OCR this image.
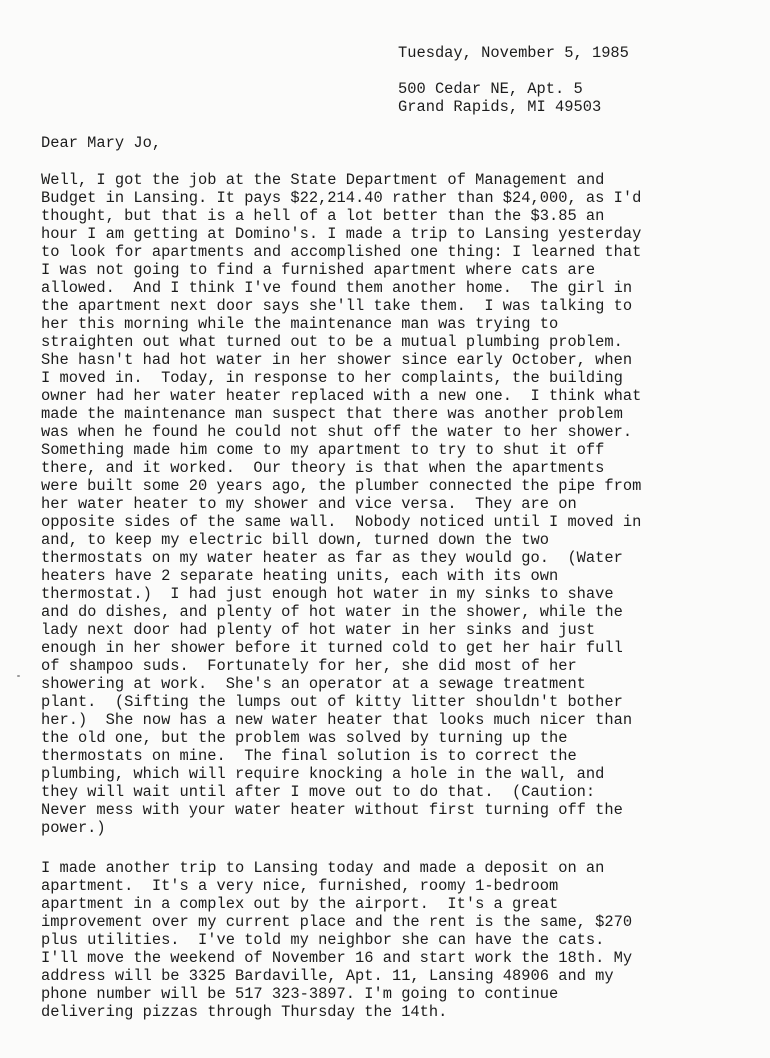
Tuesday, November 5, 1985
500 Cedar NE, Apt. 5
Grand Rapids, MI 49503
Dear Mary Jo,
Well, I got the job at the State Department of Management and
Budget in Lansing. It pays $22,214.40 rather than $24,000, as I'd
thought, but that is a hell of a lot better than the $3.85 an
hour I am getting at Domino's. I made a trip to Lansing yesterday
to look for apartments and accomplished one thing: I learned that
I was not going to find a furnished apartment where cats are
allowed.  And I think I've found them another home.  The girl in
the apartment next door says she'll take them.  I was talking to
her this morning while the maintenance man was trying to
straighten out what turned out to be a mutual plumbing problem.
She hasn't had hot water in her shower since early October, when
I moved in.  Today, in response to her complaints, the building
owner had her water heater replaced with a new one.  I think what
made the maintenance man suspect that there was another problem
was when he found he could not shut off the water to her shower.
Something made him come to my apartment to try to shut it off
there, and it worked.  Our theory is that when the apartments
were built some 20 years ago, the plumber connected the pipe from
her water heater to my shower and vice versa.  They are on
opposite sides of the same wall.  Nobody noticed until I moved in
and, to keep my electric bill down, turned down the two
thermostats on my water heater as far as they would go.  (Water
heaters have 2 separate heating units, each with its own
thermostat.)  I had just enough hot water in my sinks to shave
and do dishes, and plenty of hot water in the shower, while the
lady next door had plenty of hot water in her sinks and just
enough in her shower before it turned cold to get her hair full
of shampoo suds.  Fortunately for her, she did most of her
showering at work.  She's an operator at a sewage treatment
plant.  (Sifting the lumps out of kitty litter shouldn't bother
her.)  She now has a new water heater that looks much nicer than
the old one, but the problem was solved by turning up the
thermostats on mine.  The final solution is to correct the
plumbing, which will require knocking a hole in the wall, and
they will wait until after I move out to do that.  (Caution:
Never mess with your water heater without first turning off the
power.)
I made another trip to Lansing today and made a deposit on an
apartment.  It's a very nice, furnished, roomy 1-bedroom
apartment in a complex out by the airport.  It's a great
improvement over my current place and the rent is the same, $270
plus utilities.  I've told my neighbor she can have the cats.
I'll move the weekend of November 16 and start work the 18th. My
address will be 3325 Bardaville, Apt. 11, Lansing 48906 and my
phone number will be 517 323-3897. I'm going to continue
delivering pizzas through Thursday the 14th.
